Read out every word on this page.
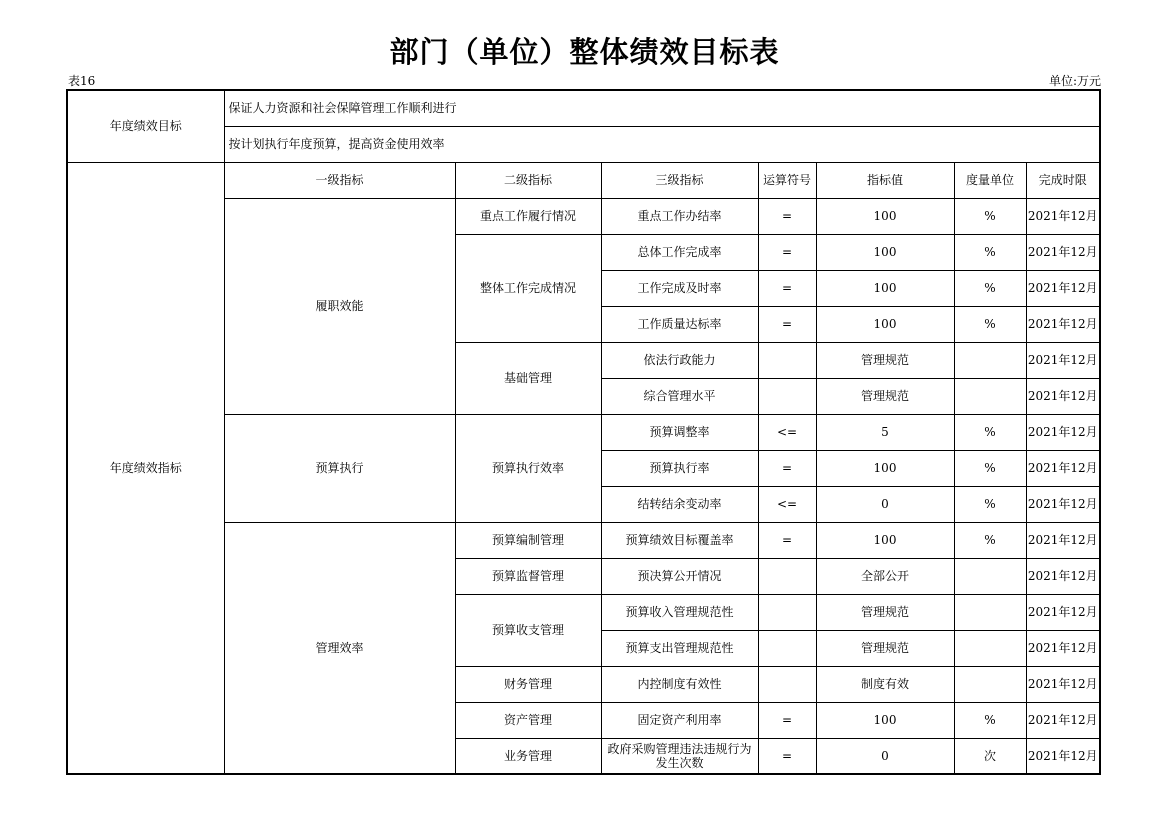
部门（单位）整体绩效目标表
表16	单位:万元
年度绩效目标	保证人力资源和社会保障管理工作顺利进行						
	按计划执行年度预算，提高资金使用效率						
年度绩效指标	一级指标	二级指标	三级指标	运算符号	指标值	度量单位	完成时限
	履职效能	重点工作履行情况	重点工作办结率	=	100	%	2021年12月
		整体工作完成情况	总体工作完成率	=	100	%	2021年12月
			工作完成及时率	=	100	%	2021年12月
			工作质量达标率	=	100	%	2021年12月
		基础管理	依法行政能力		管理规范		2021年12月
			综合管理水平		管理规范		2021年12月
	预算执行	预算执行效率	预算调整率	<=	5	%	2021年12月
			预算执行率	=	100	%	2021年12月
			结转结余变动率	<=	0	%	2021年12月
	管理效率	预算编制管理	预算绩效目标覆盖率	=	100	%	2021年12月
		预算监督管理	预决算公开情况		全部公开		2021年12月
		预算收支管理	预算收入管理规范性		管理规范		2021年12月
			预算支出管理规范性		管理规范		2021年12月
		财务管理	内控制度有效性		制度有效		2021年12月
		资产管理	固定资产利用率	=	100	%	2021年12月
		业务管理	政府采购管理违法违规行为发生次数	=	0	次	2021年12月
